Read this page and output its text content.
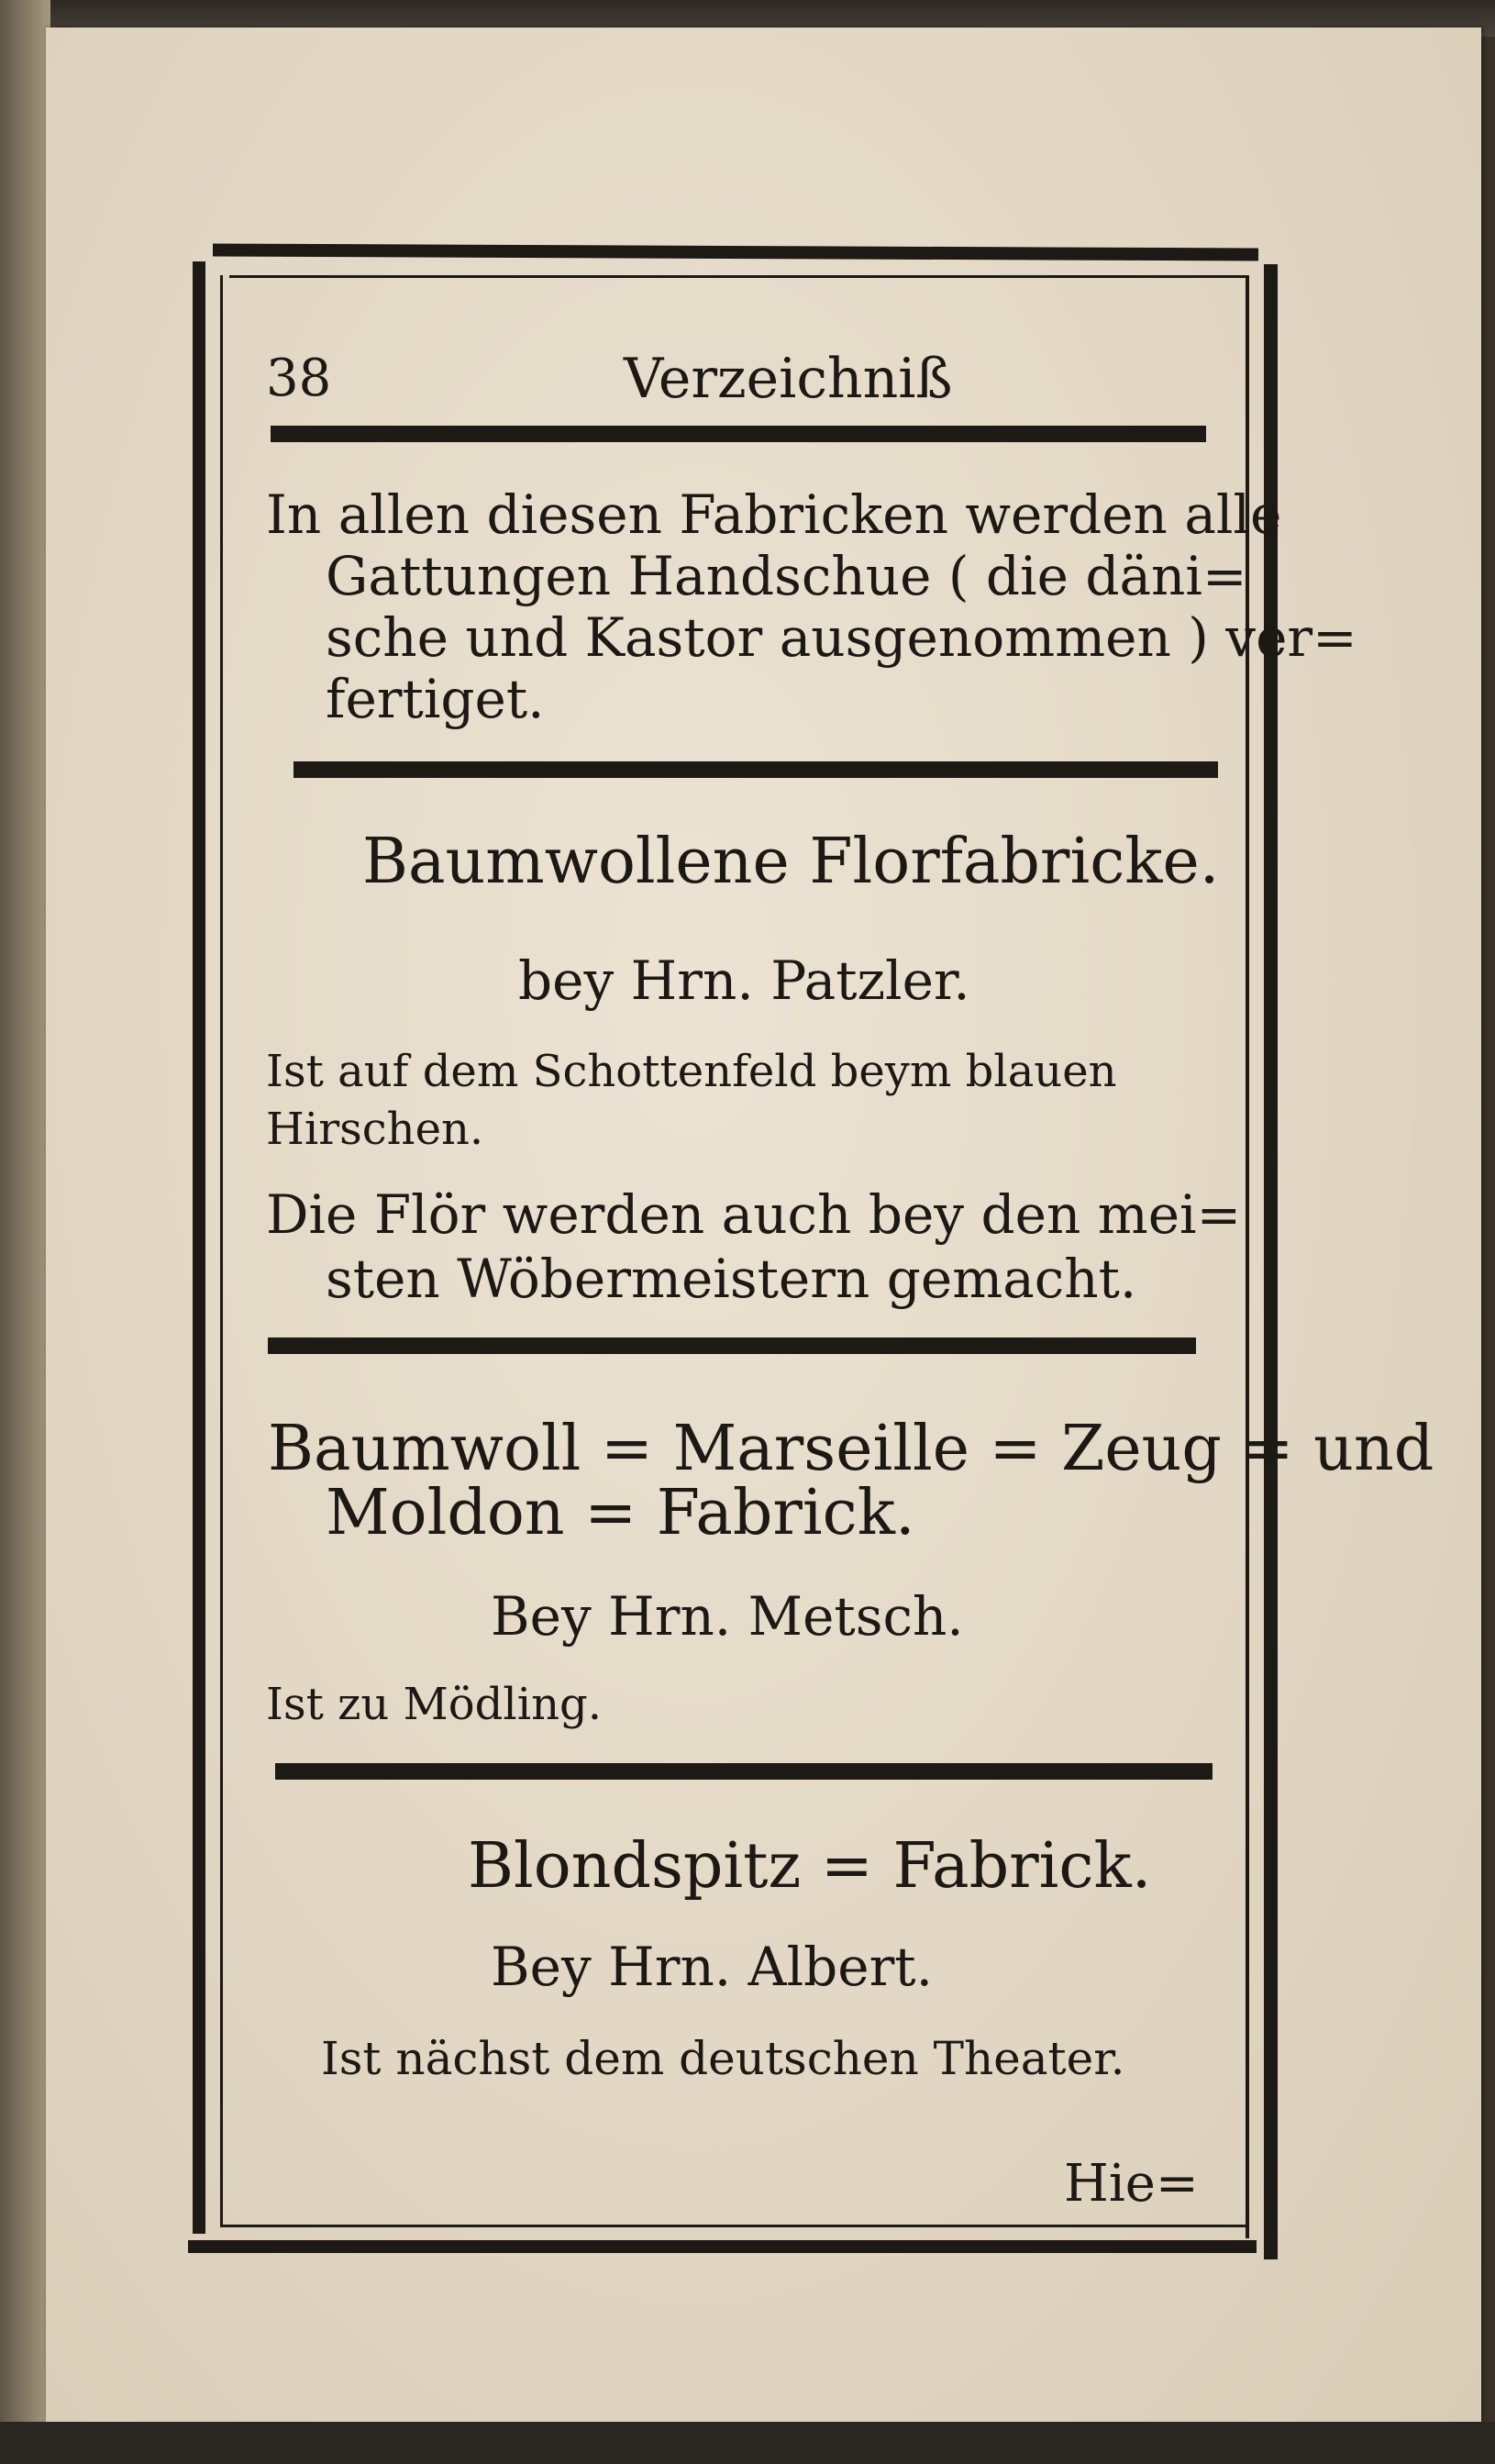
38	Verzeichniß
In allen diesen Fabricken werden alle
Gattungen Handschue ( die däni=
sche und Kastor ausgenommen ) ver=
fertiget.
Baumwollene Florfabricke.
bey Hrn. Patzler.
Ist auf dem Schottenfeld beym blauen
Hirschen.
Die Flör werden auch bey den mei=
sten Wöbermeistern gemacht.
Baumwoll = Marseille = Zeug = und
Moldon = Fabrick.
Bey Hrn. Metsch.
Ist zu Mödling.
Blondspitz = Fabrick.
Bey Hrn. Albert.
Ist nächst dem deutschen Theater.
Hie=
